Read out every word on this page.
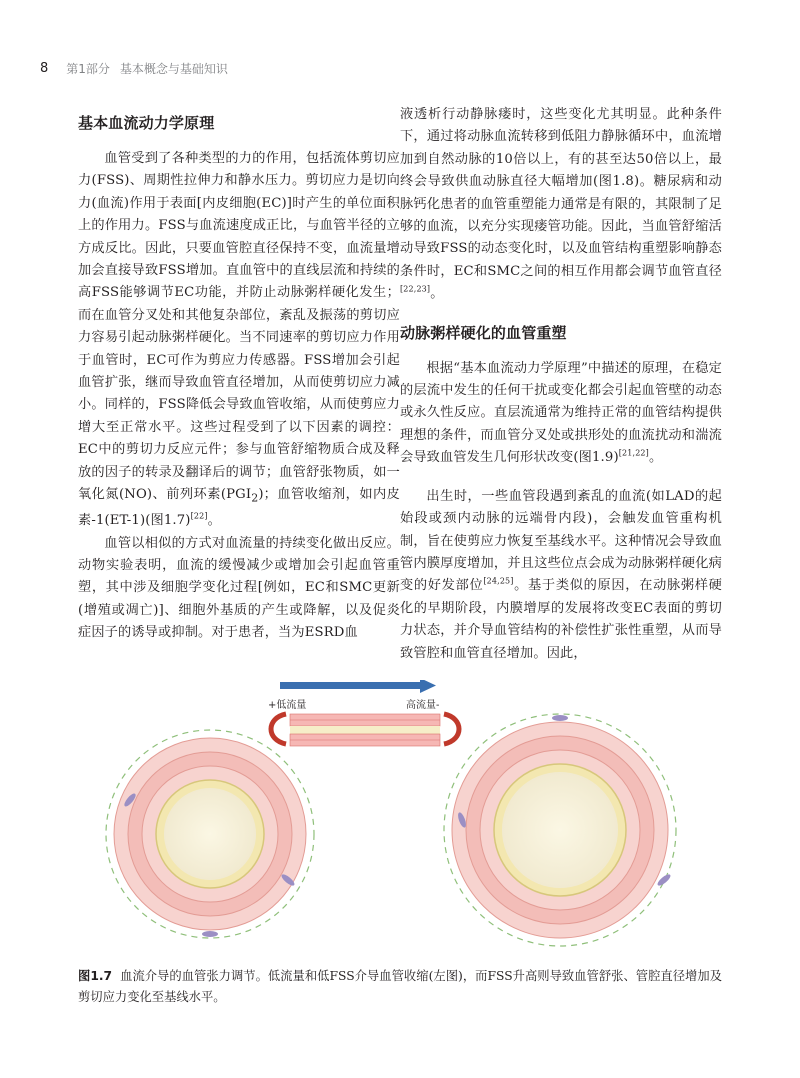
8 第1部分 基本概念与基础知识
基本血流动力学原理

血管受到了各种类型的力的作用，包括流体剪切应力(FSS)、周期性拉伸力和静水压力。剪切应力是切向力(血流)作用于表面[内皮细胞(EC)]时产生的单位面积上的作用力。FSS与血流速度成正比，与血管半径的立方成反比。因此，只要血管腔直径保持不变，血流量增加会直接导致FSS增加。直血管中的直线层流和持续的高FSS能够调节EC功能，并防止动脉粥样硬化发生；而在血管分叉处和其他复杂部位，紊乱及振荡的剪切应力容易引起动脉粥样硬化。当不同速率的剪切应力作用于血管时，EC可作为剪应力传感器。FSS增加会引起血管扩张，继而导致血管直径增加，从而使剪切应力减小。同样的，FSS降低会导致血管收缩，从而使剪应力增大至正常水平。这些过程受到了以下因素的调控：EC中的剪切力反应元件；参与血管舒缩物质合成及释放的因子的转录及翻译后的调节；血管舒张物质，如一氧化氮(NO)、前列环素$(PGI_2)$；血管收缩剂，如内皮素-1(ET-1)(图1.7)[22]。

血管以相似的方式对血流量的持续变化做出反应。动物实验表明，血流的缓慢减少或增加会引起血管重塑，其中涉及细胞学变化过程[例如，EC和SMC更新(增殖或凋亡)]、细胞外基质的产生或降解，以及促炎症因子的诱导或抑制。对于患者，当为ESRD血

液透析行动静脉瘘时，这些变化尤其明显。此种条件下，通过将动脉血流转移到低阻力静脉循环中，血流增加到自然动脉的10倍以上，有的甚至达50倍以上，最终会导致供血动脉直径大幅增加(图1.8)。糖尿病和动脉钙化患者的血管重塑能力通常是有限的，其限制了足够的血流，以充分实现瘘管功能。因此，当血管舒缩活动导致FSS的动态变化时，以及血管结构重塑影响静态条件时，EC和SMC之间的相互作用都会调节血管直径[22,23]。

动脉粥样硬化的血管重塑

根据“基本血流动力学原理”中描述的原理，在稳定的层流中发生的任何干扰或变化都会引起血管壁的动态或永久性反应。直层流通常为维持正常的血管结构提供理想的条件，而血管分叉处或拱形处的血流扰动和湍流会导致血管发生几何形状改变(图1.9)[21,22]。

出生时，一些血管段遇到紊乱的血流(如LAD的起始段或颈内动脉的远端骨内段)，会触发血管重构机制，旨在使剪应力恢复至基线水平。这种情况会导致血管内膜厚度增加，并且这些位点会成为动脉粥样硬化病变的好发部位[24,25]。基于类似的原因，在动脉粥样硬化的早期阶段，内膜增厚的发展将改变EC表面的剪切力状态，并介导血管结构的补偿性扩张性重塑，从而导致管腔和血管直径增加。因此，

+低流量	高流量-
图1.7 血流介导的血管张力调节。低流量和低FSS介导血管收缩(左图)，而FSS升高则导致血管舒张、管腔直径增加及剪切应力变化至基线水平。
